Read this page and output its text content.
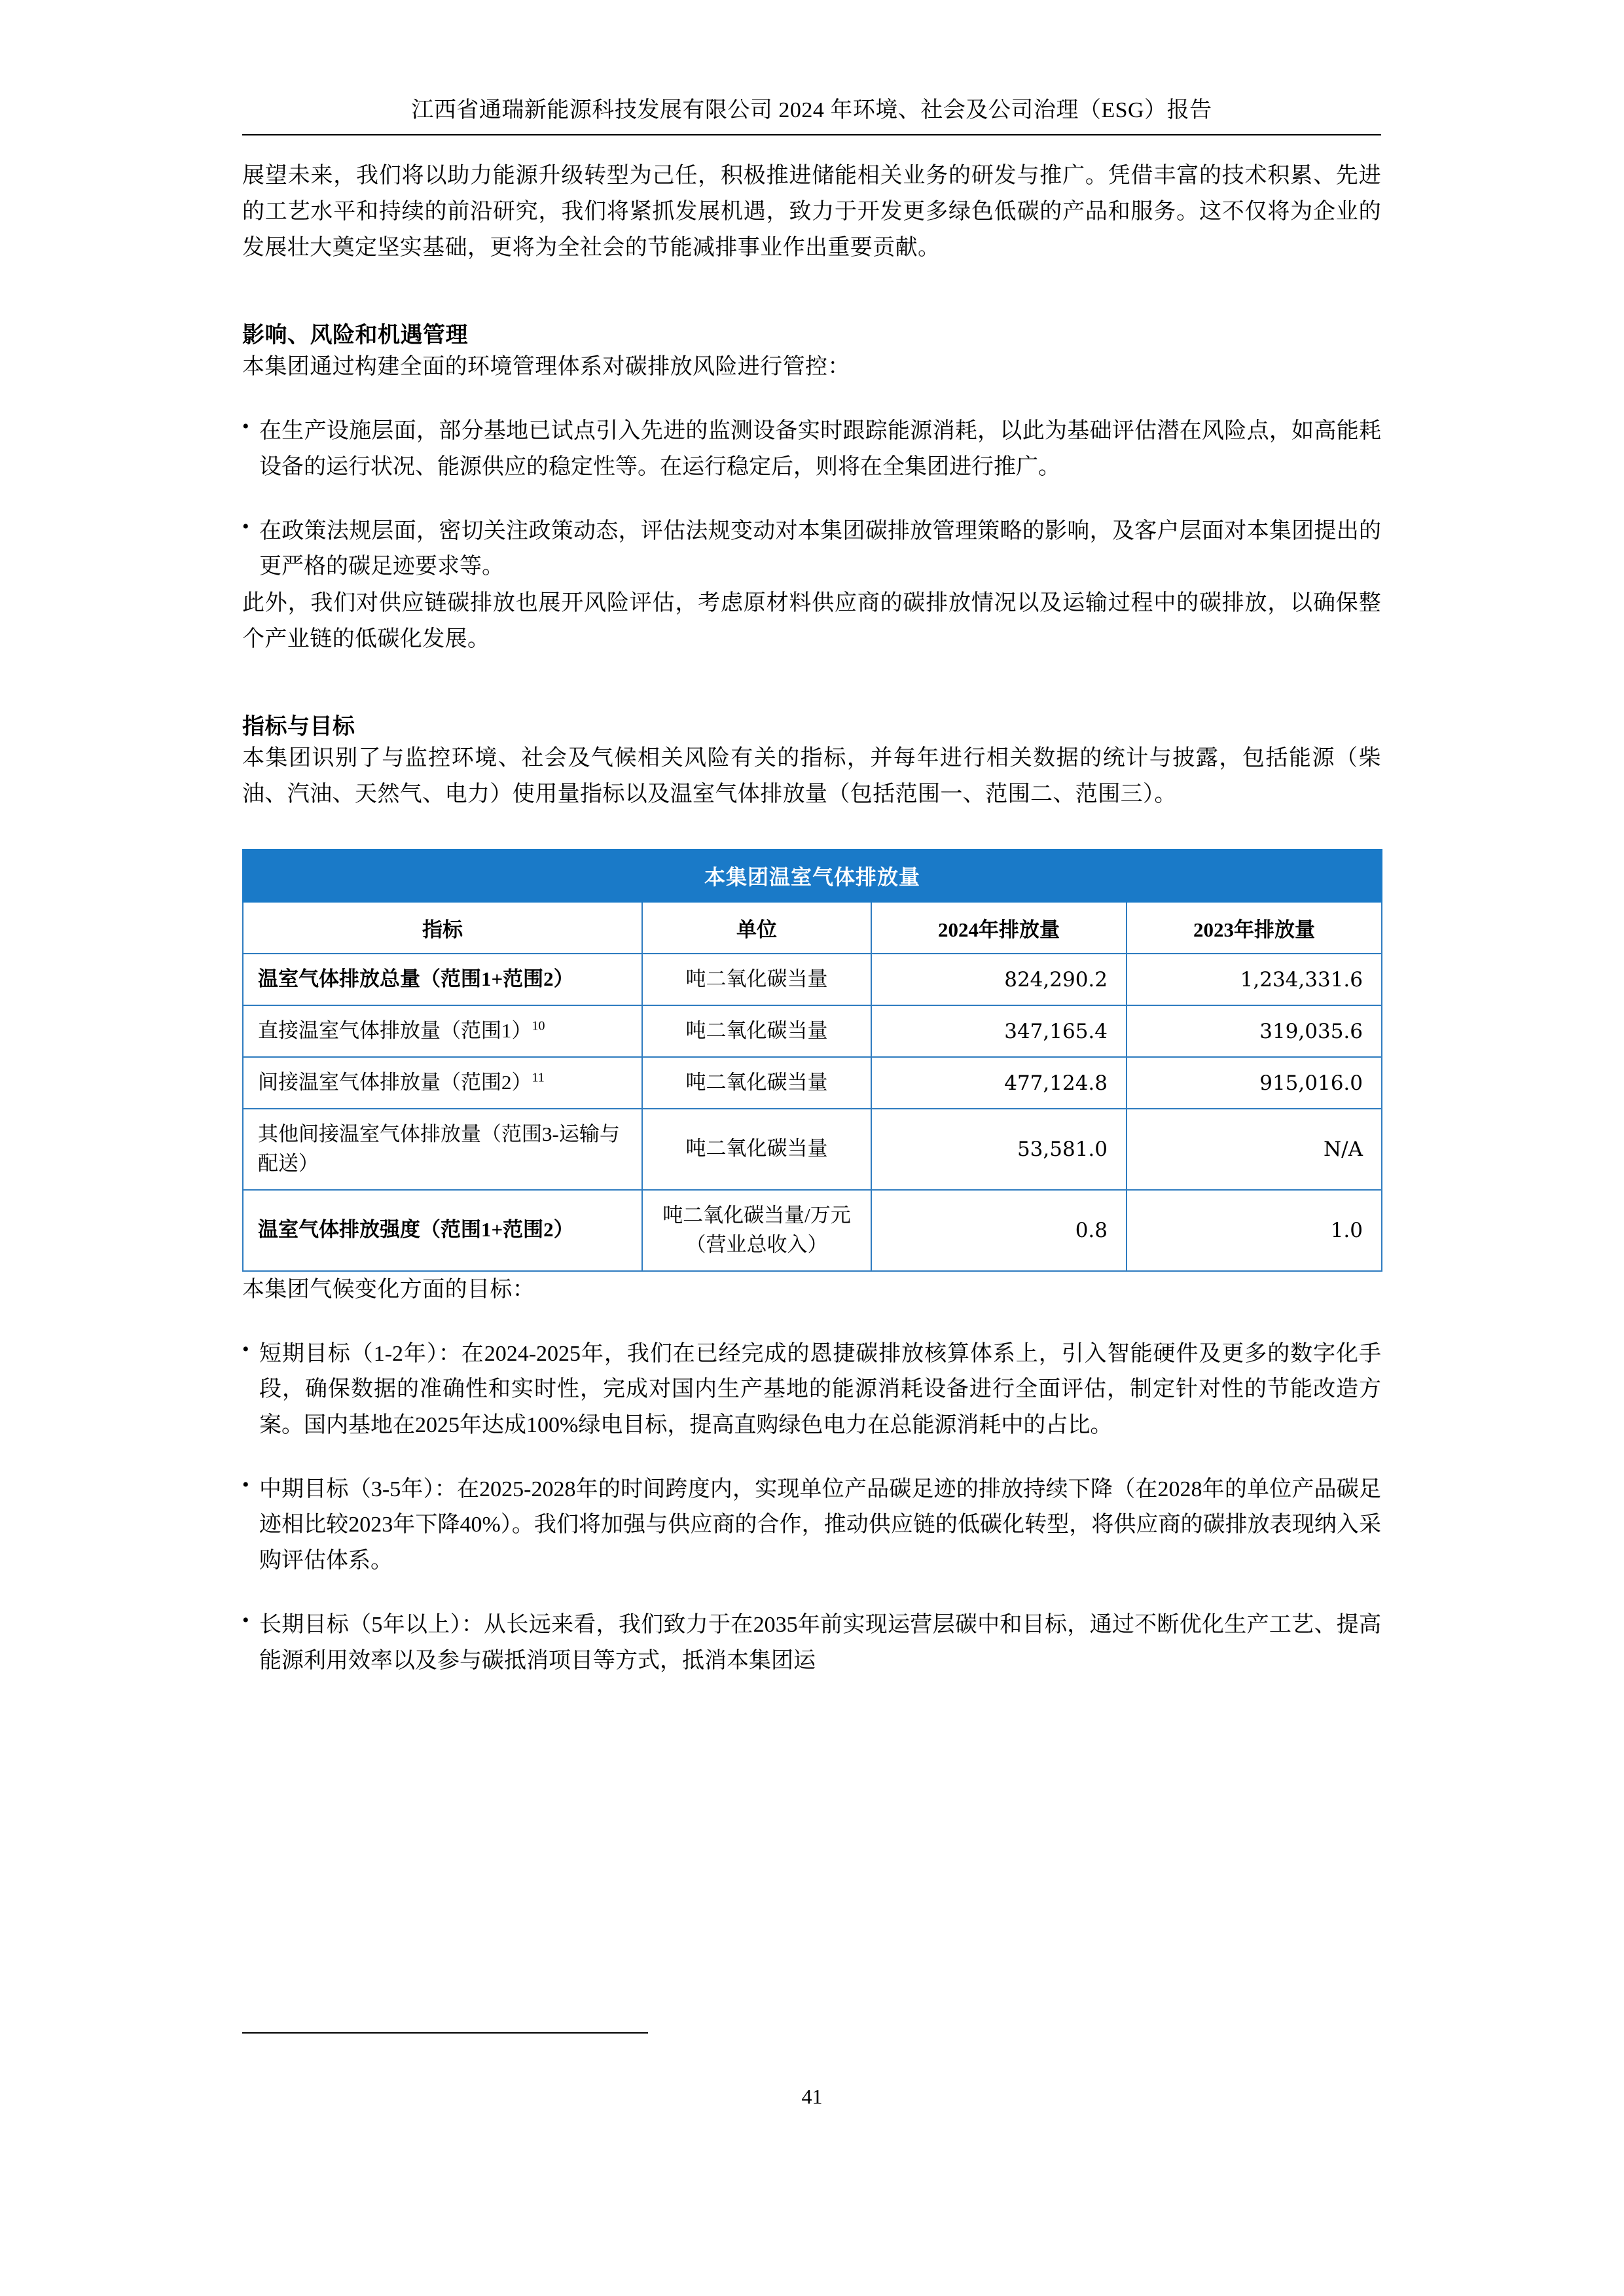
江西省通瑞新能源科技发展有限公司 2024 年环境、社会及公司治理（ESG）报告

展望未来，我们将以助力能源升级转型为己任，积极推进储能相关业务的研发与推广。凭借丰富的技术积累、先进的工艺水平和持续的前沿研究，我们将紧抓发展机遇，致力于开发更多绿色低碳的产品和服务。这不仅将为企业的发展壮大奠定坚实基础，更将为全社会的节能减排事业作出重要贡献。

影响、风险和机遇管理

本集团通过构建全面的环境管理体系对碳排放风险进行管控：

• 在生产设施层面，部分基地已试点引入先进的监测设备实时跟踪能源消耗，以此为基础评估潜在风险点，如高能耗设备的运行状况、能源供应的稳定性等。在运行稳定后，则将在全集团进行推广。
• 在政策法规层面，密切关注政策动态，评估法规变动对本集团碳排放管理策略的影响，及客户层面对本集团提出的更严格的碳足迹要求等。

此外，我们对供应链碳排放也展开风险评估，考虑原材料供应商的碳排放情况以及运输过程中的碳排放，以确保整个产业链的低碳化发展。

指标与目标

本集团识别了与监控环境、社会及气候相关风险有关的指标，并每年进行相关数据的统计与披露，包括能源（柴油、汽油、天然气、电力）使用量指标以及温室气体排放量（包括范围一、范围二、范围三）。

本集团温室气体排放量			
指标	单位	2024年排放量	2023年排放量
温室气体排放总量（范围1+范围2）	吨二氧化碳当量	824,290.2	1,234,331.6
直接温室气体排放量（范围1）$^{10}$	吨二氧化碳当量	347,165.4	319,035.6
间接温室气体排放量（范围2）$^{11}$	吨二氧化碳当量	477,124.8	915,016.0
其他间接温室气体排放量（范围3-运输与配送）	吨二氧化碳当量	53,581.0	N/A
温室气体排放强度（范围1+范围2）	吨二氧化碳当量/万元（营业总收入）	0.8	1.0

本集团气候变化方面的目标：

• 短期目标（1-2年）：在2024-2025年，我们在已经完成的恩捷碳排放核算体系上，引入智能硬件及更多的数字化手段，确保数据的准确性和实时性，完成对国内生产基地的能源消耗设备进行全面评估，制定针对性的节能改造方案。国内基地在2025年达成100%绿电目标，提高直购绿色电力在总能源消耗中的占比。
• 中期目标（3-5年）：在2025-2028年的时间跨度内，实现单位产品碳足迹的排放持续下降（在2028年的单位产品碳足迹相比较2023年下降40%）。我们将加强与供应商的合作，推动供应链的低碳化转型，将供应商的碳排放表现纳入采购评估体系。
• 长期目标（5年以上）：从长远来看，我们致力于在2035年前实现运营层碳中和目标，通过不断优化生产工艺、提高能源利用效率以及参与碳抵消项目等方式，抵消本集团运
41
